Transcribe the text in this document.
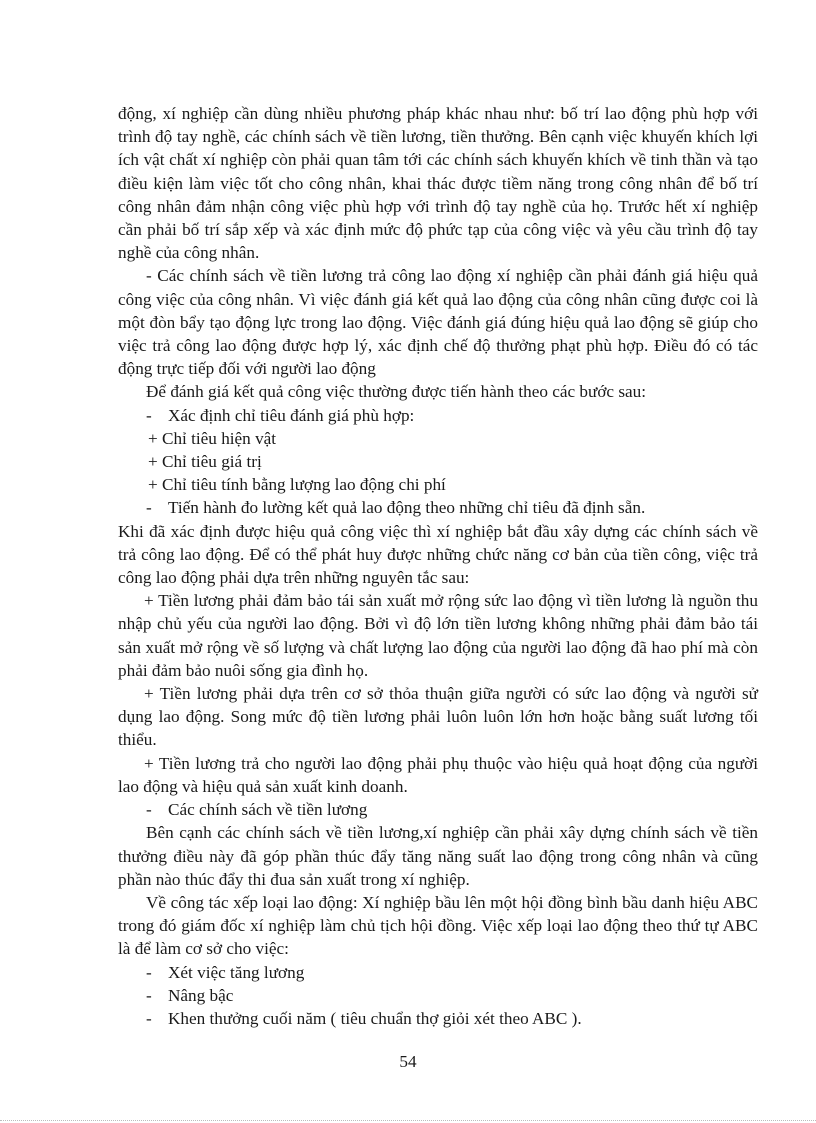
động, xí nghiệp cần dùng nhiều phương pháp khác nhau như: bố trí lao động phù hợp với trình độ tay nghề, các chính sách về tiền lương, tiền thưởng. Bên cạnh việc khuyến khích lợi ích vật chất xí nghiệp còn phải quan tâm tới các chính sách khuyến khích về tinh thần và tạo điều kiện làm việc tốt cho công nhân, khai thác được tiềm năng trong công nhân để bố trí công nhân đảm nhận công việc phù hợp với trình độ tay nghề của họ. Trước hết xí nghiệp cần phải bố trí sắp xếp và xác định mức độ phức tạp của công việc và yêu cầu trình độ tay nghề của công nhân.

- Các chính sách về tiền lương trả công lao động xí nghiệp cần phải đánh giá hiệu quả công việc của công nhân. Vì việc đánh giá kết quả lao động của công nhân cũng được coi là một đòn bẩy tạo động lực trong lao động. Việc đánh giá đúng hiệu quả lao động sẽ giúp cho việc trả công lao động được hợp lý, xác định chế độ thưởng phạt phù hợp. Điều đó có tác động trực tiếp đối với người lao động

Để đánh giá kết quả công việc thường được tiến hành theo các bước sau:

- Xác định chỉ tiêu đánh giá phù hợp:

+ Chỉ tiêu hiện vật

+ Chỉ tiêu giá trị

+ Chỉ tiêu tính bằng lượng lao động chi phí

- Tiến hành đo lường kết quả lao động theo những chỉ tiêu đã định sẵn.

Khi đã xác định được hiệu quả công việc thì xí nghiệp bắt đầu xây dựng các chính sách về trả công lao động. Để có thể phát huy được những chức năng cơ bản của tiền công, việc trả công lao động phải dựa trên những nguyên tắc sau:

+ Tiền lương phải đảm bảo tái sản xuất mở rộng sức lao động vì tiền lương là nguồn thu nhập chủ yếu của người lao động. Bởi vì độ lớn tiền lương không những phải đảm bảo tái sản xuất mở rộng về số lượng và chất lượng lao động của người lao động đã hao phí mà còn phải đảm bảo nuôi sống gia đình họ.

+ Tiền lương phải dựa trên cơ sở thỏa thuận giữa người có sức lao động và người sử dụng lao động. Song mức độ tiền lương phải luôn luôn lớn hơn hoặc bằng suất lương tối thiểu.

+ Tiền lương trả cho người lao động phải phụ thuộc vào hiệu quả hoạt động của người lao động và hiệu quả sản xuất kinh doanh.

- Các chính sách về tiền lương

Bên cạnh các chính sách về tiền lương,xí nghiệp cần phải xây dựng chính sách về tiền thưởng điều này đã góp phần thúc đẩy tăng năng suất lao động trong công nhân và cũng phần nào thúc đẩy thi đua sản xuất trong xí nghiệp.

Về công tác xếp loại lao động: Xí nghiệp bầu lên một hội đồng bình bầu danh hiệu ABC trong đó giám đốc xí nghiệp làm chủ tịch hội đồng. Việc xếp loại lao động theo thứ tự ABC là để làm cơ sở cho việc:

- Xét việc tăng lương

- Nâng bậc

- Khen thưởng cuối năm ( tiêu chuẩn thợ giỏi xét theo ABC ).

54
